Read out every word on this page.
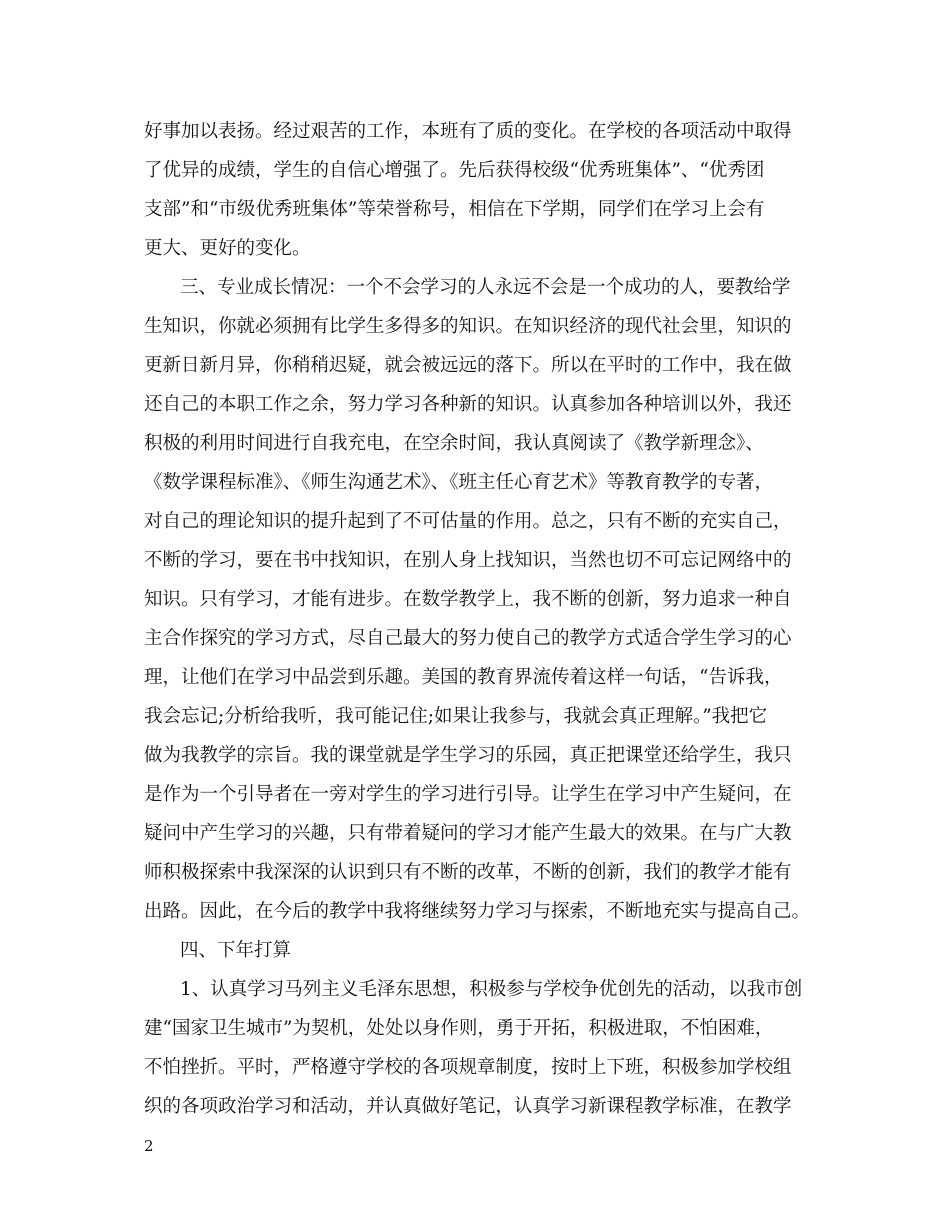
好事加以表扬。经过艰苦的工作，本班有了质的变化。在学校的各项活动中取得
了优异的成绩，学生的自信心增强了。先后获得校级“优秀班集体”、“优秀团
支部”和“市级优秀班集体”等荣誉称号，相信在下学期，同学们在学习上会有
更大、更好的变化。
三、专业成长情况：一个不会学习的人永远不会是一个成功的人，要教给学
生知识，你就必须拥有比学生多得多的知识。在知识经济的现代社会里，知识的
更新日新月异，你稍稍迟疑，就会被远远的落下。所以在平时的工作中，我在做
还自己的本职工作之余，努力学习各种新的知识。认真参加各种培训以外，我还
积极的利用时间进行自我充电，在空余时间，我认真阅读了《教学新理念》、
《数学课程标准》、《师生沟通艺术》、《班主任心育艺术》等教育教学的专著，
对自己的理论知识的提升起到了不可估量的作用。总之，只有不断的充实自己，
不断的学习，要在书中找知识，在别人身上找知识，当然也切不可忘记网络中的
知识。只有学习，才能有进步。在数学教学上，我不断的创新，努力追求一种自
主合作探究的学习方式，尽自己最大的努力使自己的教学方式适合学生学习的心
理，让他们在学习中品尝到乐趣。美国的教育界流传着这样一句话，“告诉我，
我会忘记;分析给我听，我可能记住;如果让我参与，我就会真正理解。”我把它
做为我教学的宗旨。我的课堂就是学生学习的乐园，真正把课堂还给学生，我只
是作为一个引导者在一旁对学生的学习进行引导。让学生在学习中产生疑问，在
疑问中产生学习的兴趣，只有带着疑问的学习才能产生最大的效果。在与广大教
师积极探索中我深深的认识到只有不断的改革，不断的创新，我们的教学才能有
出路。因此，在今后的教学中我将继续努力学习与探索，不断地充实与提高自己。
四、下年打算
1、认真学习马列主义毛泽东思想，积极参与学校争优创先的活动，以我市创
建“国家卫生城市”为契机，处处以身作则，勇于开拓，积极进取，不怕困难，
不怕挫折。平时，严格遵守学校的各项规章制度，按时上下班，积极参加学校组
织的各项政治学习和活动，并认真做好笔记，认真学习新课程教学标准，在教学
2
